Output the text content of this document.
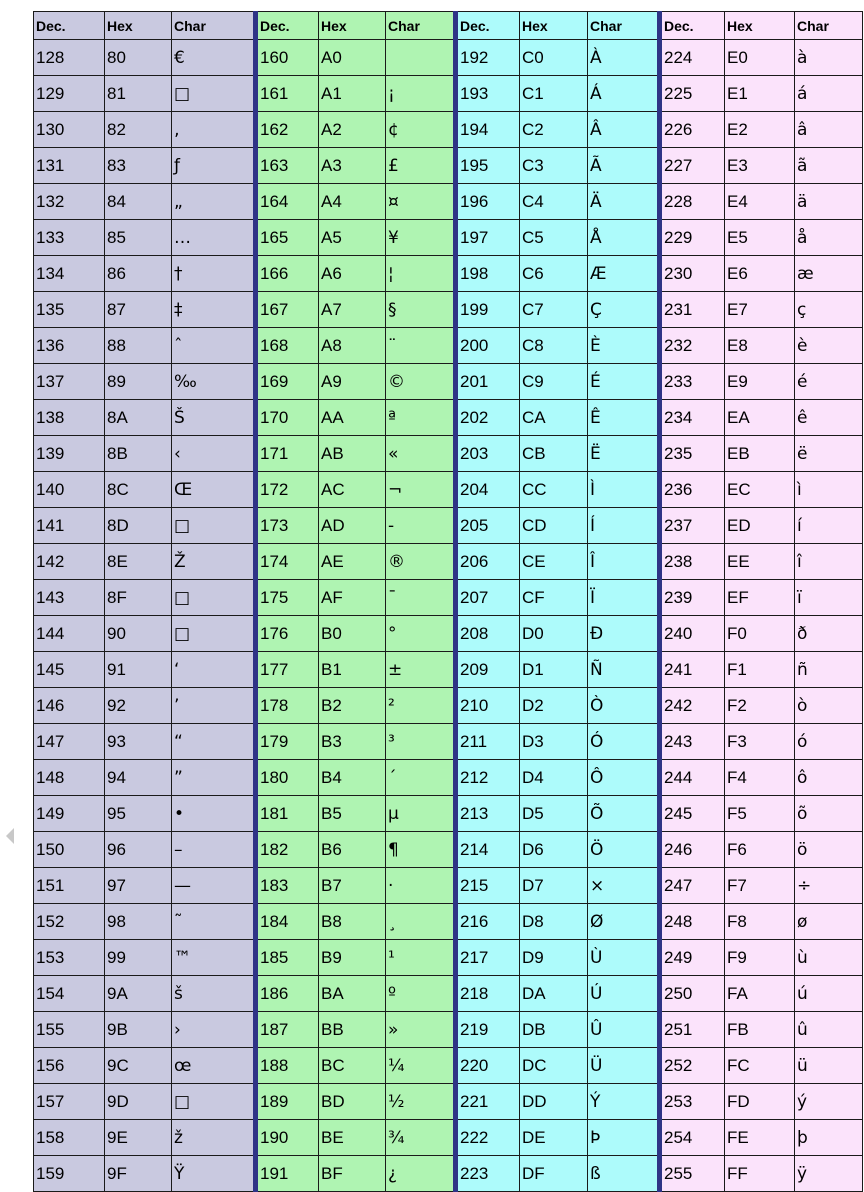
Dec.	Hex	Char	Dec.	Hex	Char	Dec.	Hex	Char	Dec.	Hex	Char
128	80	€	160	A0		192	C0	À	224	E0	à
129	81	□	161	A1	¡	193	C1	Á	225	E1	á
130	82	‚	162	A2	¢	194	C2	Â	226	E2	â
131	83	ƒ	163	A3	£	195	C3	Ã	227	E3	ã
132	84	„	164	A4	¤	196	C4	Ä	228	E4	ä
133	85	…	165	A5	¥	197	C5	Å	229	E5	å
134	86	†	166	A6	¦	198	C6	Æ	230	E6	æ
135	87	‡	167	A7	§	199	C7	Ç	231	E7	ç
136	88	ˆ	168	A8	¨	200	C8	È	232	E8	è
137	89	‰	169	A9	©	201	C9	É	233	E9	é
138	8A	Š	170	AA	ª	202	CA	Ê	234	EA	ê
139	8B	‹	171	AB	«	203	CB	Ë	235	EB	ë
140	8C	Œ	172	AC	¬	204	CC	Ì	236	EC	ì
141	8D	□	173	AD	-	205	CD	Í	237	ED	í
142	8E	Ž	174	AE	®	206	CE	Î	238	EE	î
143	8F	□	175	AF	¯	207	CF	Ï	239	EF	ï
144	90	□	176	B0	°	208	D0	Đ	240	F0	ð
145	91	‘	177	B1	±	209	D1	Ñ	241	F1	ñ
146	92	’	178	B2	²	210	D2	Ò	242	F2	ò
147	93	“	179	B3	³	211	D3	Ó	243	F3	ó
148	94	”	180	B4	´	212	D4	Ô	244	F4	ô
149	95	•	181	B5	µ	213	D5	Õ	245	F5	õ
150	96	–	182	B6	¶	214	D6	Ö	246	F6	ö
151	97	—	183	B7	·	215	D7	×	247	F7	÷
152	98	˜	184	B8	¸	216	D8	Ø	248	F8	ø
153	99	™	185	B9	¹	217	D9	Ù	249	F9	ù
154	9A	š	186	BA	º	218	DA	Ú	250	FA	ú
155	9B	›	187	BB	»	219	DB	Û	251	FB	û
156	9C	œ	188	BC	¼	220	DC	Ü	252	FC	ü
157	9D	□	189	BD	½	221	DD	Ý	253	FD	ý
158	9E	ž	190	BE	¾	222	DE	Þ	254	FE	þ
159	9F	Ÿ	191	BF	¿	223	DF	ß	255	FF	ÿ
